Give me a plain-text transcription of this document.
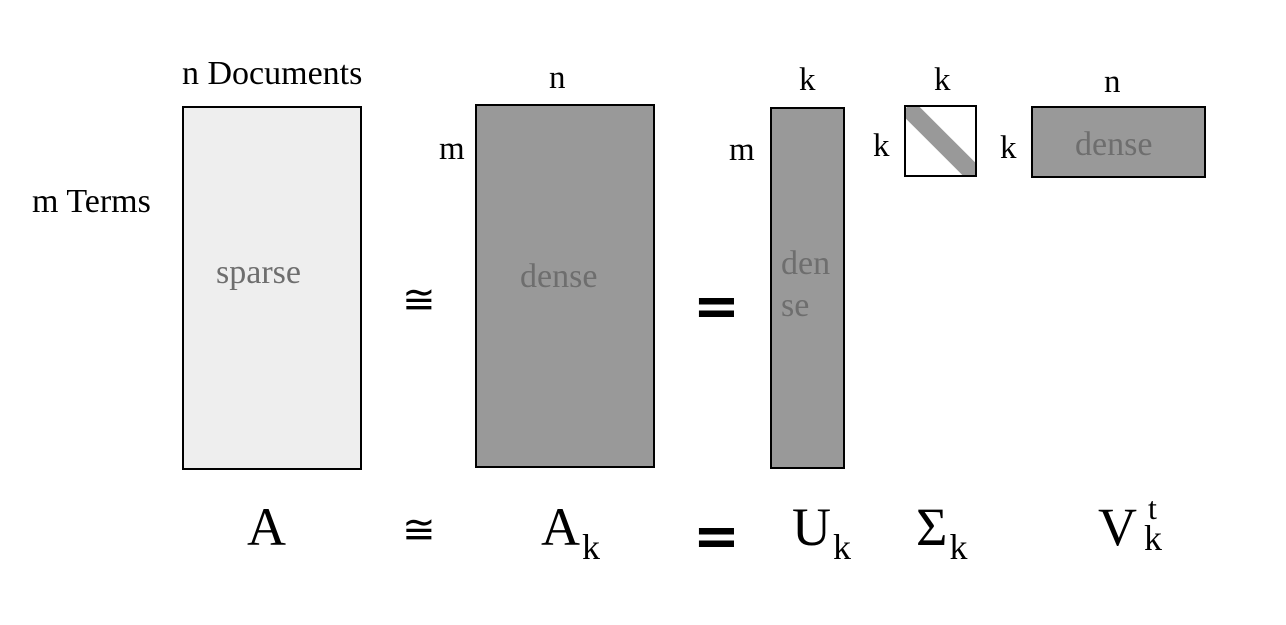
n Documents
m Terms
n
m
k
m
k
k
n
k
sparse
≅
dense =
den
se
dense
A	≅ $A_k = U_k$ $\Sigma_k$ V t
k
